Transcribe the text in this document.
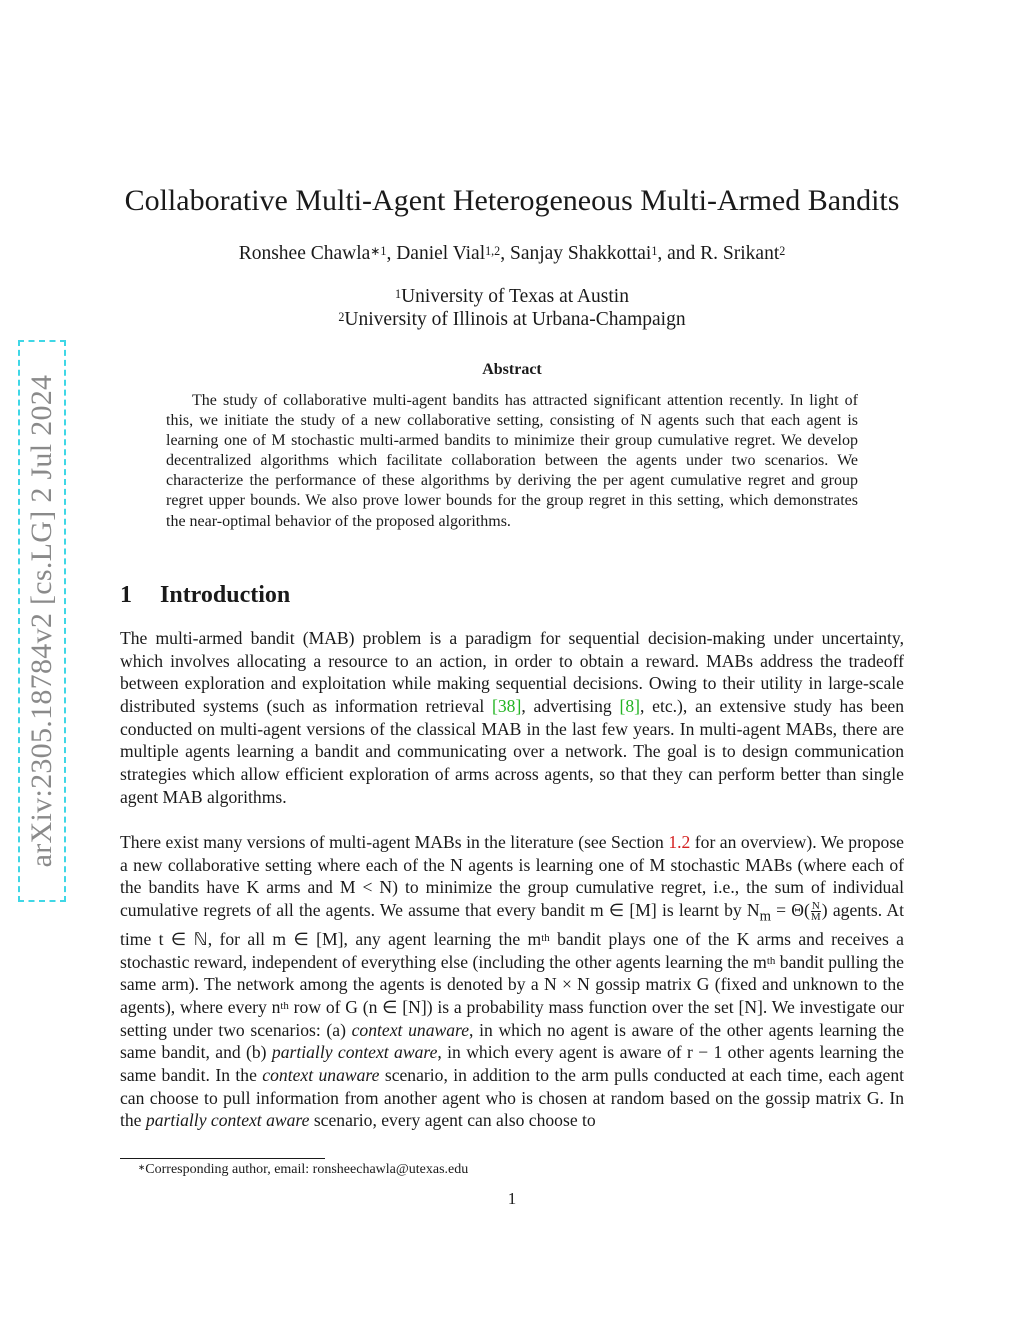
arXiv:2305.18784v2 [cs.LG] 2 Jul 2024
Collaborative Multi-Agent Heterogeneous Multi-Armed Bandits
Ronshee Chawla$^{∗1}$, Daniel Vial$^{1,2}$, Sanjay Shakkottai$^1$, and R. Srikant$^2$
$^1$University of Texas at Austin
$^2$University of Illinois at Urbana-Champaign
Abstract

The study of collaborative multi-agent bandits has attracted significant attention recently. In light of this, we initiate the study of a new collaborative setting, consisting of N agents such that each agent is learning one of M stochastic multi-armed bandits to minimize their group cumulative regret. We develop decentralized algorithms which facilitate collaboration between the agents under two scenarios. We characterize the performance of these algorithms by deriving the per agent cumulative regret and group regret upper bounds. We also prove lower bounds for the group regret in this setting, which demonstrates the near-optimal behavior of the proposed algorithms.

1 Introduction

The multi-armed bandit (MAB) problem is a paradigm for sequential decision-making under uncertainty, which involves allocating a resource to an action, in order to obtain a reward. MABs address the tradeoff between exploration and exploitation while making sequential decisions. Owing to their utility in large-scale distributed systems (such as information retrieval [38], advertising [8], etc.), an extensive study has been conducted on multi-agent versions of the classical MAB in the last few years. In multi-agent MABs, there are multiple agents learning a bandit and communicating over a network. The goal is to design communication strategies which allow efficient exploration of arms across agents, so that they can perform better than single agent MAB algorithms.

There exist many versions of multi-agent MABs in the literature (see Section 1.2 for an overview). We propose a new collaborative setting where each of the N agents is learning one of M stochastic MABs (where each of the bandits have K arms and M < N) to minimize the group cumulative regret, i.e., the sum of individual cumulative regrets of all the agents. We assume that every bandit m ∈ [M] is learnt by $N_m = \Theta( \frac{N}{M}$ ) agents. At time t ∈ ℕ, for all m ∈ [M], any agent learning the $m^{th}$ bandit plays one of the K arms and receives a stochastic reward, independent of everything else (including the other agents learning the $m^{th}$ bandit pulling the same arm). The network among the agents is denoted by a N × N gossip matrix G (fixed and unknown to the agents), where every $n^{th}$ row of G (n ∈ [N]) is a probability mass function over the set [N]. We investigate our setting under two scenarios: (a) context unaware, in which no agent is aware of the other agents learning the same bandit, and (b) partially context aware, in which every agent is aware of r − 1 other agents learning the same bandit. In the context unaware scenario, in addition to the arm pulls conducted at each time, each agent can choose to pull information from another agent who is chosen at random based on the gossip matrix G. In the partially context aware scenario, every agent can also choose to

∗Corresponding author, email: ronsheechawla@utexas.edu
1
